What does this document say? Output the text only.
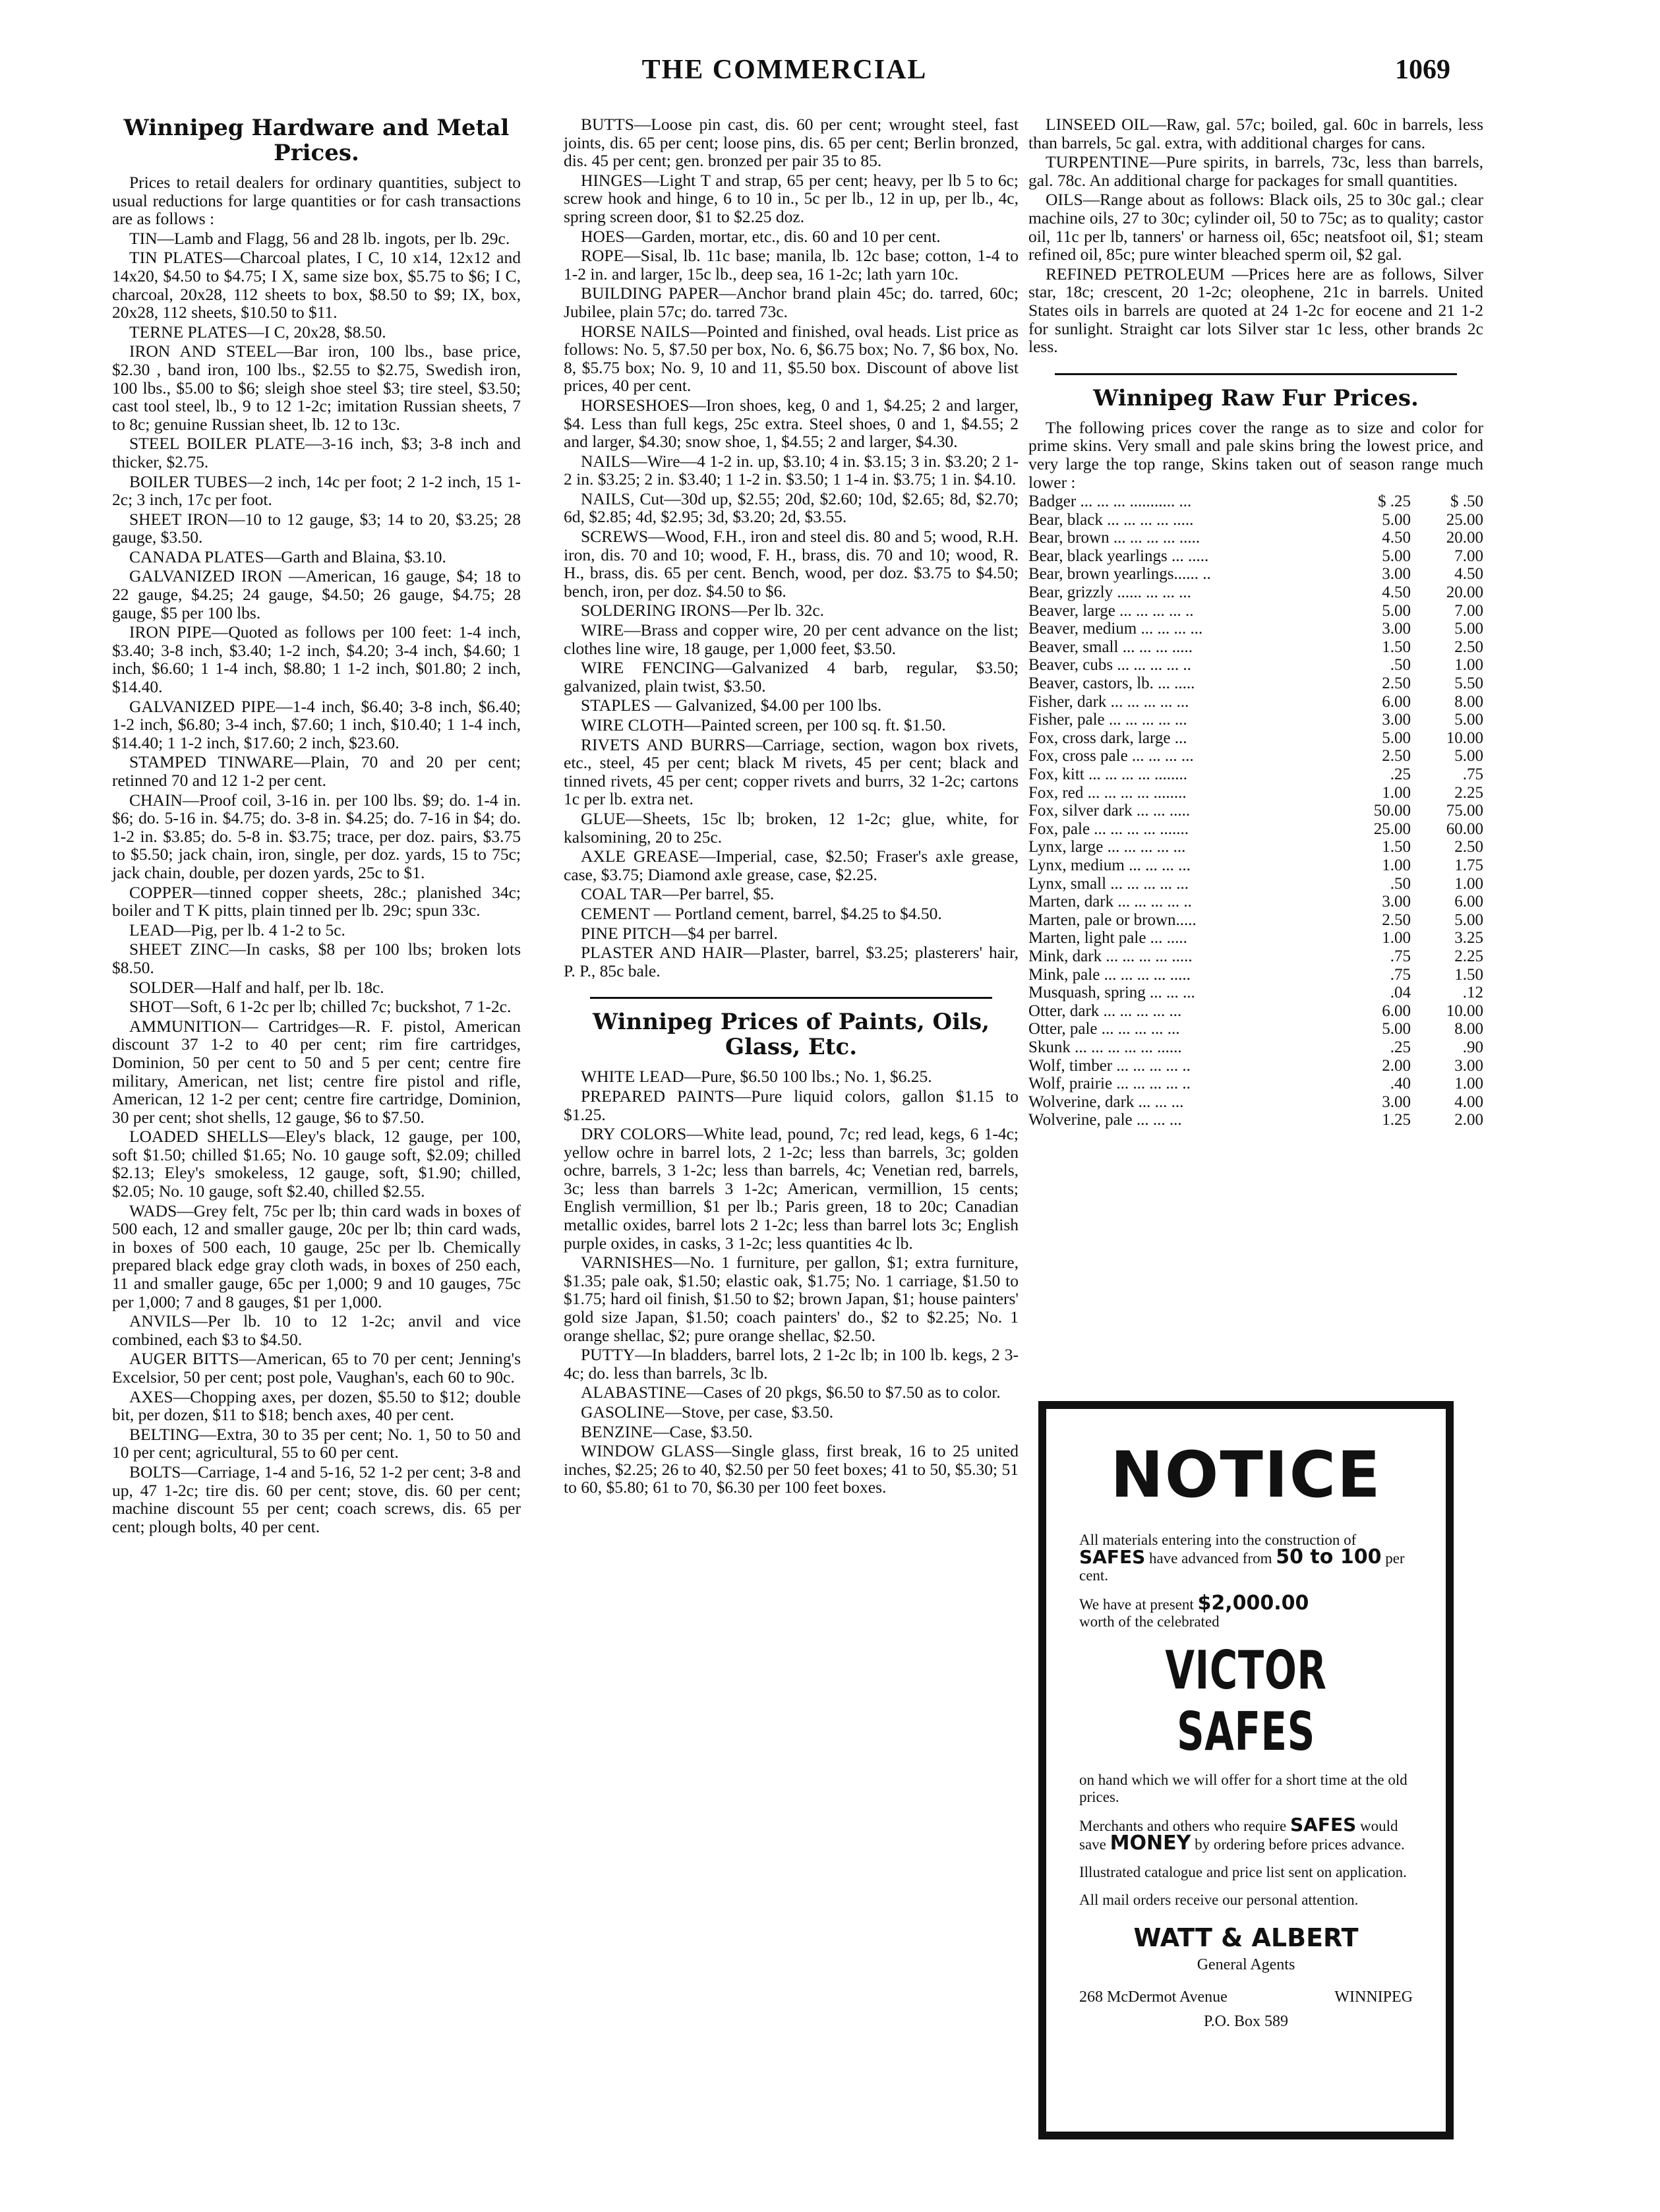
THE COMMERCIAL	1069
Winnipeg Hardware and Metal Prices.

Prices to retail dealers for ordinary quantities, subject to usual reductions for large quantities or for cash transactions are as follows :

TIN—Lamb and Flagg, 56 and 28 lb. ingots, per lb. 29c.

TIN PLATES—Charcoal plates, I C, 10 x14, 12x12 and 14x20, $4.50 to $4.75; I X, same size box, $5.75 to $6; I C, charcoal, 20x28, 112 sheets to box, $8.50 to $9; IX, box, 20x28, 112 sheets, $10.50 to $11.

TERNE PLATES—I C, 20x28, $8.50.

IRON AND STEEL—Bar iron, 100 lbs., base price, $2.30 , band iron, 100 lbs., $2.55 to $2.75, Swedish iron, 100 lbs., $5.00 to $6; sleigh shoe steel $3; tire steel, $3.50; cast tool steel, lb., 9 to 12 1-2c; imitation Russian sheets, 7 to 8c; genuine Russian sheet, lb. 12 to 13c.

STEEL BOILER PLATE—3-16 inch, $3; 3-8 inch and thicker, $2.75.

BOILER TUBES—2 inch, 14c per foot; 2 1-2 inch, 15 1-2c; 3 inch, 17c per foot.

SHEET IRON—10 to 12 gauge, $3; 14 to 20, $3.25; 28 gauge, $3.50.

CANADA PLATES—Garth and Blaina, $3.10.

GALVANIZED IRON —American, 16 gauge, $4; 18 to 22 gauge, $4.25; 24 gauge, $4.50; 26 gauge, $4.75; 28 gauge, $5 per 100 lbs.

IRON PIPE—Quoted as follows per 100 feet: 1-4 inch, $3.40; 3-8 inch, $3.40; 1-2 inch, $4.20; 3-4 inch, $4.60; 1 inch, $6.60; 1 1-4 inch, $8.80; 1 1-2 inch, $01.80; 2 inch, $14.40.

GALVANIZED PIPE—1-4 inch, $6.40; 3-8 inch, $6.40; 1-2 inch, $6.80; 3-4 inch, $7.60; 1 inch, $10.40; 1 1-4 inch, $14.40; 1 1-2 inch, $17.60; 2 inch, $23.60.

STAMPED TINWARE—Plain, 70 and 20 per cent; retinned 70 and 12 1-2 per cent.

CHAIN—Proof coil, 3-16 in. per 100 lbs. $9; do. 1-4 in. $6; do. 5-16 in. $4.75; do. 3-8 in. $4.25; do. 7-16 in $4; do. 1-2 in. $3.85; do. 5-8 in. $3.75; trace, per doz. pairs, $3.75 to $5.50; jack chain, iron, single, per doz. yards, 15 to 75c; jack chain, double, per dozen yards, 25c to $1.

COPPER—tinned copper sheets, 28c.; planished 34c; boiler and T K pitts, plain tinned per lb. 29c; spun 33c.

LEAD—Pig, per lb. 4 1-2 to 5c.

SHEET ZINC—In casks, $8 per 100 lbs; broken lots $8.50.

SOLDER—Half and half, per lb. 18c.

SHOT—Soft, 6 1-2c per lb; chilled 7c; buckshot, 7 1-2c.

AMMUNITION— Cartridges—R. F. pistol, American discount 37 1-2 to 40 per cent; rim fire cartridges, Dominion, 50 per cent to 50 and 5 per cent; centre fire military, American, net list; centre fire pistol and rifle, American, 12 1-2 per cent; centre fire cartridge, Dominion, 30 per cent; shot shells, 12 gauge, $6 to $7.50.

LOADED SHELLS—Eley's black, 12 gauge, per 100, soft $1.50; chilled $1.65; No. 10 gauge soft, $2.09; chilled $2.13; Eley's smokeless, 12 gauge, soft, $1.90; chilled, $2.05; No. 10 gauge, soft $2.40, chilled $2.55.

WADS—Grey felt, 75c per lb; thin card wads in boxes of 500 each, 12 and smaller gauge, 20c per lb; thin card wads, in boxes of 500 each, 10 gauge, 25c per lb. Chemically prepared black edge gray cloth wads, in boxes of 250 each, 11 and smaller gauge, 65c per 1,000; 9 and 10 gauges, 75c per 1,000; 7 and 8 gauges, $1 per 1,000.

ANVILS—Per lb. 10 to 12 1-2c; anvil and vice combined, each $3 to $4.50.

AUGER BITTS—American, 65 to 70 per cent; Jenning's Excelsior, 50 per cent; post pole, Vaughan's, each 60 to 90c.

AXES—Chopping axes, per dozen, $5.50 to $12; double bit, per dozen, $11 to $18; bench axes, 40 per cent.

BELTING—Extra, 30 to 35 per cent; No. 1, 50 to 50 and 10 per cent; agricultural, 55 to 60 per cent.

BOLTS—Carriage, 1-4 and 5-16, 52 1-2 per cent; 3-8 and up, 47 1-2c; tire dis. 60 per cent; stove, dis. 60 per cent; machine discount 55 per cent; coach screws, dis. 65 per cent; plough bolts, 40 per cent.

BUTTS—Loose pin cast, dis. 60 per cent; wrought steel, fast joints, dis. 65 per cent; loose pins, dis. 65 per cent; Berlin bronzed, dis. 45 per cent; gen. bronzed per pair 35 to 85.

HINGES—Light T and strap, 65 per cent; heavy, per lb 5 to 6c; screw hook and hinge, 6 to 10 in., 5c per lb., 12 in up, per lb., 4c, spring screen door, $1 to $2.25 doz.

HOES—Garden, mortar, etc., dis. 60 and 10 per cent.

ROPE—Sisal, lb. 11c base; manila, lb. 12c base; cotton, 1-4 to 1-2 in. and larger, 15c lb., deep sea, 16 1-2c; lath yarn 10c.

BUILDING PAPER—Anchor brand plain 45c; do. tarred, 60c; Jubilee, plain 57c; do. tarred 73c.

HORSE NAILS—Pointed and finished, oval heads. List price as follows: No. 5, $7.50 per box, No. 6, $6.75 box; No. 7, $6 box, No. 8, $5.75 box; No. 9, 10 and 11, $5.50 box. Discount of above list prices, 40 per cent.

HORSESHOES—Iron shoes, keg, 0 and 1, $4.25; 2 and larger, $4. Less than full kegs, 25c extra. Steel shoes, 0 and 1, $4.55; 2 and larger, $4.30; snow shoe, 1, $4.55; 2 and larger, $4.30.

NAILS—Wire—4 1-2 in. up, $3.10; 4 in. $3.15; 3 in. $3.20; 2 1-2 in. $3.25; 2 in. $3.40; 1 1-2 in. $3.50; 1 1-4 in. $3.75; 1 in. $4.10.

NAILS, Cut—30d up, $2.55; 20d, $2.60; 10d, $2.65; 8d, $2.70; 6d, $2.85; 4d, $2.95; 3d, $3.20; 2d, $3.55.

SCREWS—Wood, F.H., iron and steel dis. 80 and 5; wood, R.H. iron, dis. 70 and 10; wood, F. H., brass, dis. 70 and 10; wood, R. H., brass, dis. 65 per cent. Bench, wood, per doz. $3.75 to $4.50; bench, iron, per doz. $4.50 to $6.

SOLDERING IRONS—Per lb. 32c.

WIRE—Brass and copper wire, 20 per cent advance on the list; clothes line wire, 18 gauge, per 1,000 feet, $3.50.

WIRE FENCING—Galvanized 4 barb, regular, $3.50; galvanized, plain twist, $3.50.

STAPLES — Galvanized, $4.00 per 100 lbs.

WIRE CLOTH—Painted screen, per 100 sq. ft. $1.50.

RIVETS AND BURRS—Carriage, section, wagon box rivets, etc., steel, 45 per cent; black M rivets, 45 per cent; black and tinned rivets, 45 per cent; copper rivets and burrs, 32 1-2c; cartons 1c per lb. extra net.

GLUE—Sheets, 15c lb; broken, 12 1-2c; glue, white, for kalsomining, 20 to 25c.

AXLE GREASE—Imperial, case, $2.50; Fraser's axle grease, case, $3.75; Diamond axle grease, case, $2.25.

COAL TAR—Per barrel, $5.

CEMENT — Portland cement, barrel, $4.25 to $4.50.

PINE PITCH—$4 per barrel.

PLASTER AND HAIR—Plaster, barrel, $3.25; plasterers' hair, P. P., 85c bale.

Winnipeg Prices of Paints, Oils, Glass, Etc.

WHITE LEAD—Pure, $6.50 100 lbs.; No. 1, $6.25.

PREPARED PAINTS—Pure liquid colors, gallon $1.15 to $1.25.

DRY COLORS—White lead, pound, 7c; red lead, kegs, 6 1-4c; yellow ochre in barrel lots, 2 1-2c; less than barrels, 3c; golden ochre, barrels, 3 1-2c; less than barrels, 4c; Venetian red, barrels, 3c; less than barrels 3 1-2c; American, vermillion, 15 cents; English vermillion, $1 per lb.; Paris green, 18 to 20c; Canadian metallic oxides, barrel lots 2 1-2c; less than barrel lots 3c; English purple oxides, in casks, 3 1-2c; less quantities 4c lb.

VARNISHES—No. 1 furniture, per gallon, $1; extra furniture, $1.35; pale oak, $1.50; elastic oak, $1.75; No. 1 carriage, $1.50 to $1.75; hard oil finish, $1.50 to $2; brown Japan, $1; house painters' gold size Japan, $1.50; coach painters' do., $2 to $2.25; No. 1 orange shellac, $2; pure orange shellac, $2.50.

PUTTY—In bladders, barrel lots, 2 1-2c lb; in 100 lb. kegs, 2 3-4c; do. less than barrels, 3c lb.

ALABASTINE—Cases of 20 pkgs, $6.50 to $7.50 as to color.

GASOLINE—Stove, per case, $3.50.

BENZINE—Case, $3.50.

WINDOW GLASS—Single glass, first break, 16 to 25 united inches, $2.25; 26 to 40, $2.50 per 50 feet boxes; 41 to 50, $5.30; 51 to 60, $5.80; 61 to 70, $6.30 per 100 feet boxes.

LINSEED OIL—Raw, gal. 57c; boiled, gal. 60c in barrels, less than barrels, 5c gal. extra, with additional charges for cans.

TURPENTINE—Pure spirits, in barrels, 73c, less than barrels, gal. 78c. An additional charge for packages for small quantities.

OILS—Range about as follows: Black oils, 25 to 30c gal.; clear machine oils, 27 to 30c; cylinder oil, 50 to 75c; as to quality; castor oil, 11c per lb, tanners' or harness oil, 65c; neatsfoot oil, $1; steam refined oil, 85c; pure winter bleached sperm oil, $2 gal.

REFINED PETROLEUM —Prices here are as follows, Silver star, 18c; crescent, 20 1-2c; oleophene, 21c in barrels. United States oils in barrels are quoted at 24 1-2c for eocene and 21 1-2 for sunlight. Straight car lots Silver star 1c less, other brands 2c less.

Winnipeg Raw Fur Prices.

The following prices cover the range as to size and color for prime skins. Very small and pale skins bring the lowest price, and very large the top range, Skins taken out of season range much lower :

Badger ... ... ... ........... ...	$ .25	$ .50
Bear, black ... ... ... ... .....	5.00	25.00
Bear, brown ... ... ... ... .....	4.50	20.00
Bear, black yearlings ... .....	5.00	7.00
Bear, brown yearlings...... ..	3.00	4.50
Bear, grizzly ...... ... ... ...	4.50	20.00
Beaver, large ... ... ... ... ..	5.00	7.00
Beaver, medium ... ... ... ...	3.00	5.00
Beaver, small ... ... ... .....	1.50	2.50
Beaver, cubs ... ... ... ... ..	.50	1.00
Beaver, castors, lb. ... .....	2.50	5.50
Fisher, dark ... ... ... ... ...	6.00	8.00
Fisher, pale ... ... ... ... ...	3.00	5.00
Fox, cross dark, large ...	5.00	10.00
Fox, cross pale ... ... ... ...	2.50	5.00
Fox, kitt ... ... ... ... ........	.25	.75
Fox, red ... ... ... ... ........	1.00	2.25
Fox, silver dark ... ... .....	50.00	75.00
Fox, pale ... ... ... ... .......	25.00	60.00
Lynx, large ... ... ... ... ...	1.50	2.50
Lynx, medium ... ... ... ...	1.00	1.75
Lynx, small ... ... ... ... ...	.50	1.00
Marten, dark ... ... ... ... ..	3.00	6.00
Marten, pale or brown.....	2.50	5.00
Marten, light pale ... .....	1.00	3.25
Mink, dark ... ... ... ... .....	.75	2.25
Mink, pale ... ... ... ... .....	.75	1.50
Musquash, spring ... ... ...	.04	.12
Otter, dark ... ... ... ... ...	6.00	10.00
Otter, pale ... ... ... ... ...	5.00	8.00
Skunk ... ... ... ... ... ......	.25	.90
Wolf, timber ... ... ... ... ..	2.00	3.00
Wolf, prairie ... ... ... ... ..	.40	1.00
Wolverine, dark ... ... ...	3.00	4.00
Wolverine, pale ... ... ...	1.25	2.00
NOTICE
All materials entering into the construction of SAFES have advanced from 50 to 100 per cent.
We have at present $2,000.00
worth of the celebrated
VICTOR SAFES
on hand which we will offer for a short time at the old prices.
Merchants and others who require SAFES would save MONEY by ordering before prices advance.
Illustrated catalogue and price list sent on application.
All mail orders receive our personal attention.
WATT & ALBERT
General Agents
268 McDermot Avenue	WINNIPEG
P.O. Box 589
